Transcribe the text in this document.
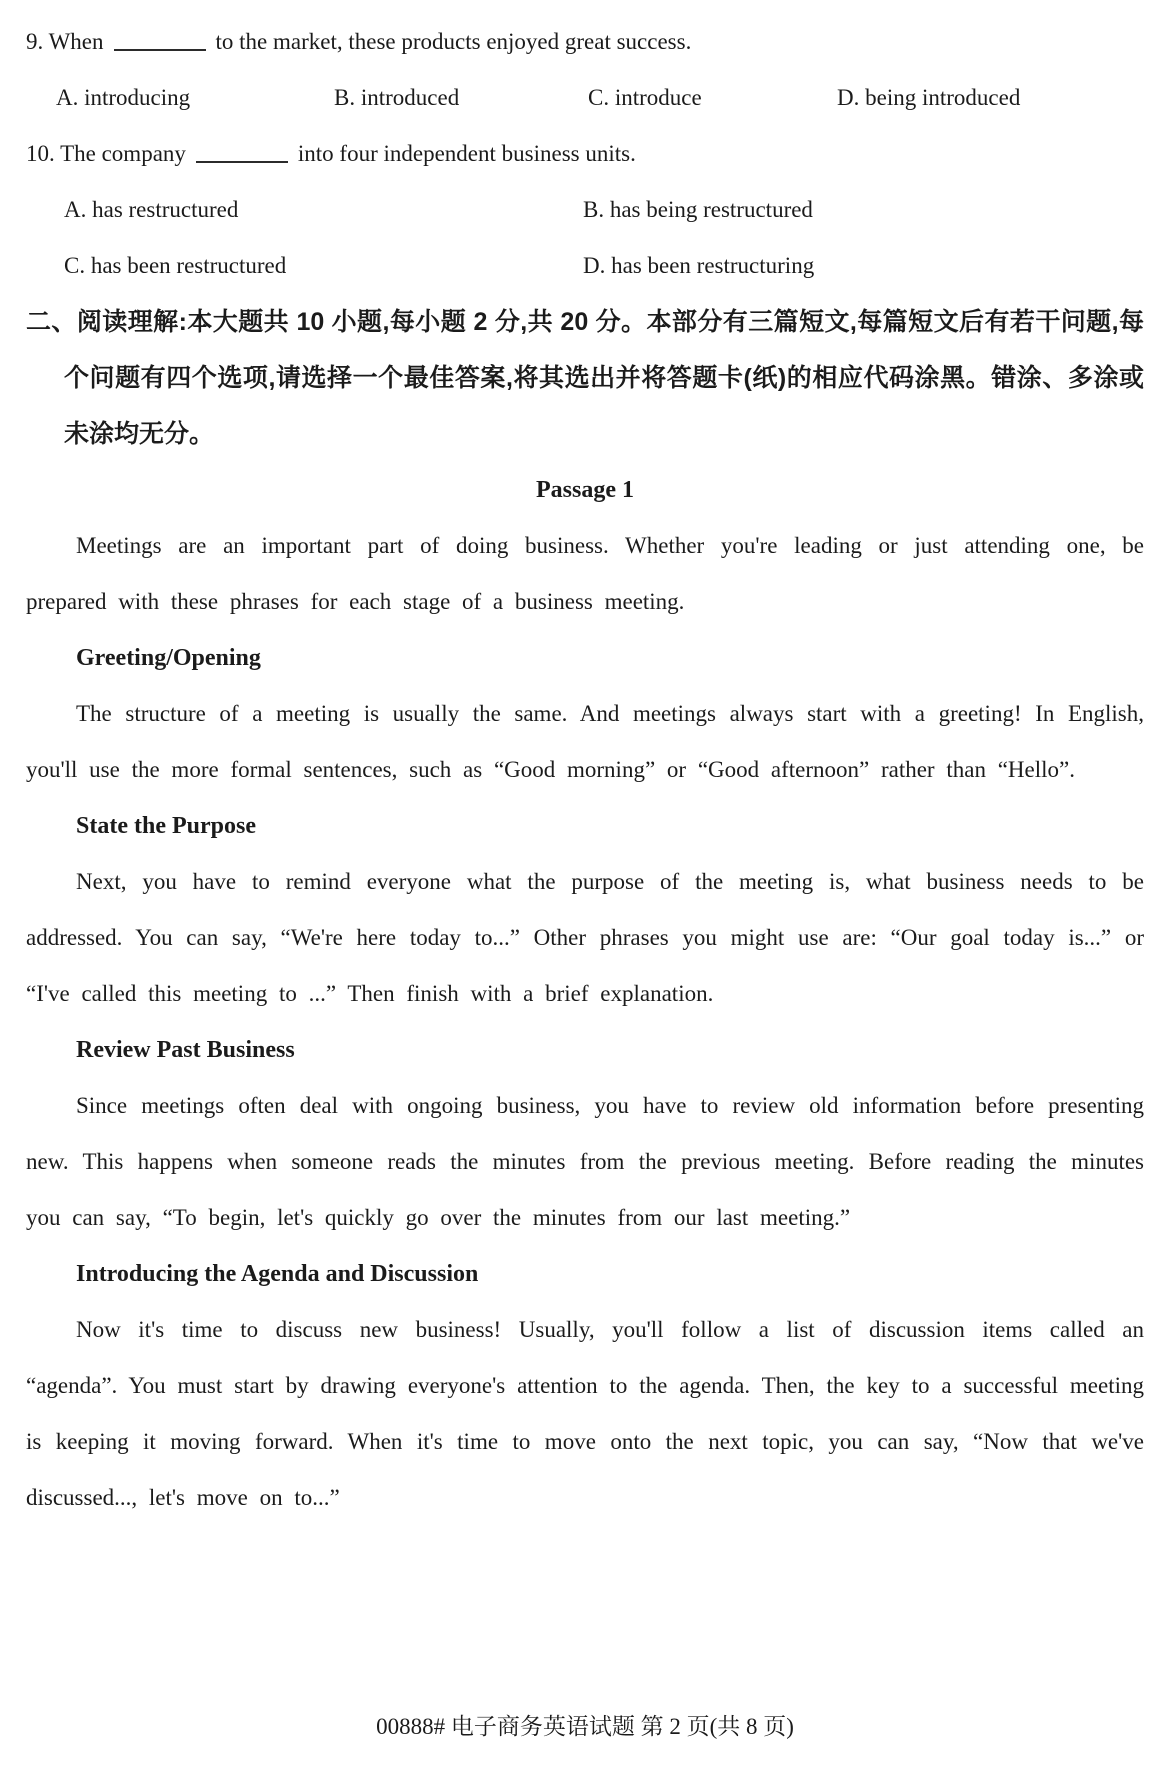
9. When	to the market, these products enjoyed great success.
A. introducing	B. introduced	C. introduce	D. being introduced
10. The company	into four independent business units.
A. has restructured	B. has being restructured
C. has been restructured	D. has been restructuring
二、阅读理解:本大题共 10 小题,每小题 2 分,共 20 分。本部分有三篇短文,每篇短文后有若干问题,每个问题有四个选项,请选择一个最佳答案,将其选出并将答题卡(纸)的相应代码涂黑。错涂、多涂或未涂均无分。
Passage 1
Meetings are an important part of doing business. Whether you're leading or just attending one, be prepared with these phrases for each stage of a business meeting.
Greeting/Opening
The structure of a meeting is usually the same. And meetings always start with a greeting! In English, you'll use the more formal sentences, such as “Good morning” or “Good afternoon” rather than “Hello”.
State the Purpose
Next, you have to remind everyone what the purpose of the meeting is, what business needs to be addressed. You can say, “We're here today to...” Other phrases you might use are: “Our goal today is...” or “I've called this meeting to ...” Then finish with a brief explanation.
Review Past Business
Since meetings often deal with ongoing business, you have to review old information before presenting new. This happens when someone reads the minutes from the previous meeting. Before reading the minutes you can say, “To begin, let's quickly go over the minutes from our last meeting.”
Introducing the Agenda and Discussion
Now it's time to discuss new business! Usually, you'll follow a list of discussion items called an “agenda”. You must start by drawing everyone's attention to the agenda. Then, the key to a successful meeting is keeping it moving forward. When it's time to move onto the next topic, you can say, “Now that we've discussed..., let's move on to...”
00888# 电子商务英语试题 第 2 页(共 8 页)
